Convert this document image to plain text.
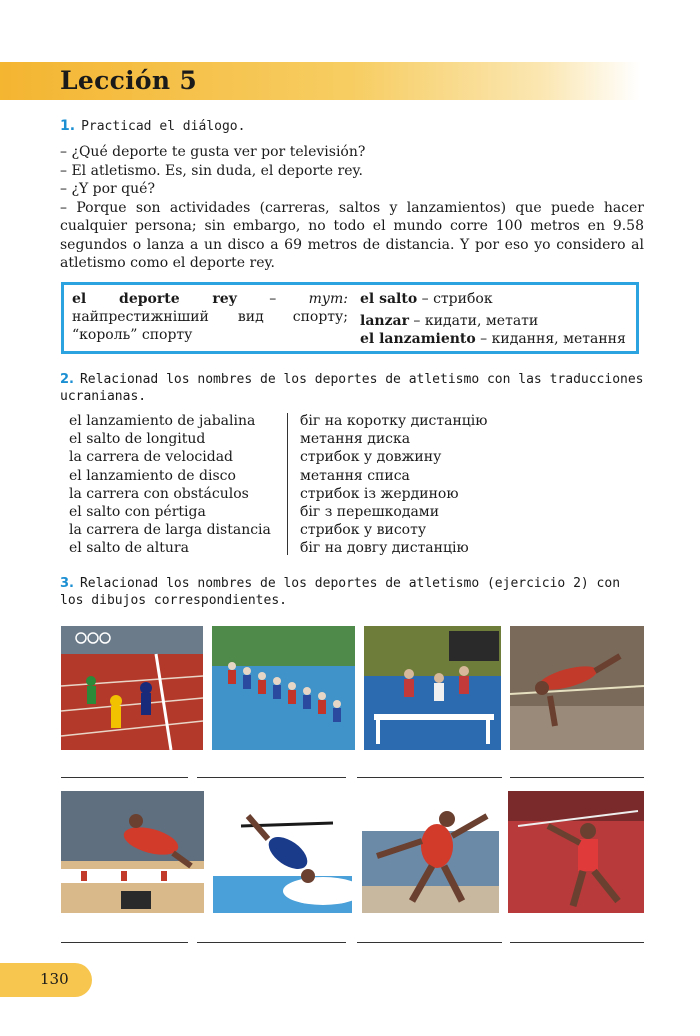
Lección 5
1. Practicad el diálogo.

– ¿Qué deporte te gusta ver por televisión?

– El atletismo. Es, sin duda, el deporte rey.

– ¿Y por qué?

– Porque son actividades (carreras, saltos y lanzamientos) que puede hacer cualquier persona; sin embargo, no todo el mundo corre 100 metros en 9.58 segundos o lanza a un disco a 69 metros de distancia. Y por eso yo considero al atletismo como el deporte rey.

el deporte rey – тут: найпрестижніший вид спорту; “король” спорту
el salto – стрибок
lanzar – кидати, метати
el lanzamiento – кидання, метання
2. Relacionad los nombres de los deportes de atletismo con las traducciones ucranianas.
el lanzamiento de jabalina
el salto de longitud
la carrera de velocidad
el lanzamiento de disco
la carrera con obstáculos
el salto con pértiga
la carrera de larga distancia
el salto de altura
біг на коротку дистанцію
метання диска
стрибок у довжину
метання списа
стрибок із жердиною
біг з перешкодами
стрибок у висоту
біг на довгу дистанцію
3. Relacionad los nombres de los deportes de atletismo (ejercicio 2) con los dibujos correspondientes.
130
